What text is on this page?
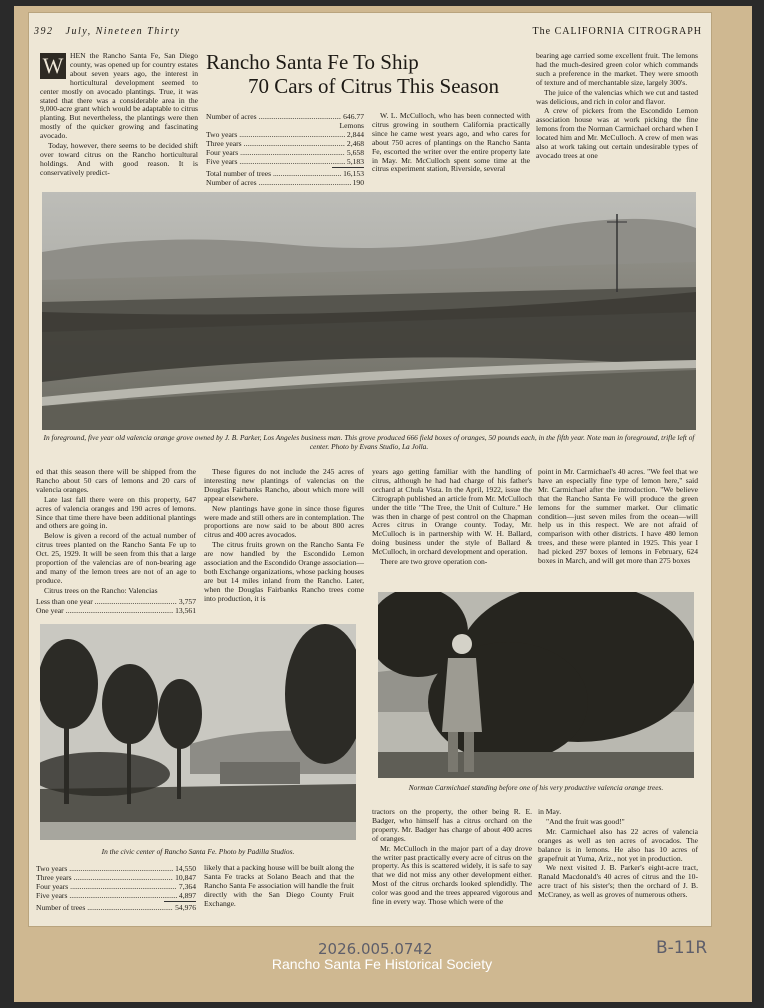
392 July, Nineteen Thirty	The CALIFORNIA CITROGRAPH

W HEN the Rancho Santa Fe, San Diego county, was opened up for country estates about seven years ago, the interest in horticultural development seemed to center mostly on avocado plantings. True, it was stated that there was a considerable area in the 9,000-acre grant which would be adaptable to citrus planting. But nevertheless, the plantings were then mostly of the quicker growing and fascinating avocado.

Today, however, there seems to be decided shift over toward citrus on the Rancho horticultural holdings. And with good reason. It is conservatively predict-

Rancho Santa Fe To Ship
70 Cars of Citrus This Season
Number of acres .....	646.77
Lemons
Two years .....	2,844
Three years .....	2,468
Four years .....	5,658
Five years .....	5,183
Total number of trees .....	16,153
Number of acres .....	190

W. L. McCulloch, who has been connected with citrus growing in southern California practically since he came west years ago, and who cares for about 750 acres of plantings on the Rancho Santa Fe, escorted the writer over the entire property late in May. Mr. McCulloch spent some time at the citrus experiment station, Riverside, several

bearing age carried some excellent fruit. The lemons had the much-desired green color which commands such a preference in the market. They were smooth of texture and of merchantable size, largely 300's.

The juice of the valencias which we cut and tasted was delicious, and rich in color and flavor.

A crew of pickers from the Escondido Lemon association house was at work picking the fine lemons from the Norman Carmichael orchard when I located him and Mr. McCulloch. A crew of men was also at work taking out certain undesirable types of avocado trees at one

In foreground, five year old valencia orange grove owned by J. B. Parker, Los Angeles business man. This grove produced 666 field boxes of oranges, 50 pounds each, in the fifth year. Note man in foreground, trifle left of center. Photo by Evans Studio, La Jolla.

ed that this season there will be shipped from the Rancho about 50 cars of lemons and 20 cars of valencia oranges.

Late last fall there were on this property, 647 acres of valencia oranges and 190 acres of lemons. Since that time there have been additional plantings and others are going in.

Below is given a record of the actual number of citrus trees planted on the Rancho Santa Fe up to Oct. 25, 1929. It will be seen from this that a large proportion of the valencias are of non-bearing age and many of the lemon trees are not of an age to produce.

Citrus trees on the Rancho: Valencias

Less than one year .....	3,757
One year .....	13,561

These figures do not include the 245 acres of interesting new plantings of valencias on the Douglas Fairbanks Rancho, about which more will appear elsewhere.

New plantings have gone in since those figures were made and still others are in contemplation. The proportions are now said to be about 800 acres citrus and 400 acres avocados.

The citrus fruits grown on the Rancho Santa Fe are now handled by the Escondido Lemon association and the Escondido Orange association—both Exchange organizations, whose packing houses are but 14 miles inland from the Rancho. Later, when the Douglas Fairbanks Rancho trees come into production, it is

years ago getting familiar with the handling of citrus, although he had had charge of his father's orchard at Chula Vista. In the April, 1922, issue the Citrograph published an article from Mr. McCulloch under the title "The Tree, the Unit of Culture." He was then in charge of pest control on the Chapman Acres citrus in Orange county. Today, Mr. McCulloch is in partnership with W. H. Ballard, doing business under the style of Ballard & McCulloch, in orchard development and operation.

There are two grove operation con-

point in Mr. Carmichael's 40 acres. "We feel that we have an especially fine type of lemon here," said Mr. Carmichael after the introduction. "We believe that the Rancho Santa Fe will produce the green lemons for the summer market. Our climatic condition—just seven miles from the ocean—will help us in this respect. We are not afraid of comparison with other districts. I have 480 lemon trees, and these were planted in 1925. This year I had picked 297 boxes of lemons in February, 624 boxes in March, and will get more than 275 boxes

In the civic center of Rancho Santa Fe. Photo by Padilla Studios.
Norman Carmichael standing before one of his very productive valencia orange trees.
Two years .....	14,550
Three years .....	10,847
Four years .....	7,364
Five years .....	4,897
Number of trees .....	54,976

likely that a packing house will be built along the Santa Fe tracks at Solano Beach and that the Rancho Santa Fe association will handle the fruit directly with the San Diego County Fruit Exchange.

tractors on the property, the other being R. E. Badger, who himself has a citrus orchard on the property. Mr. Badger has charge of about 400 acres of oranges.

Mr. McCulloch in the major part of a day drove the writer past practically every acre of citrus on the property. As this is scattered widely, it is safe to say that we did not miss any other development either. Most of the citrus orchards looked splendidly. The color was good and the trees appeared vigorous and fine in every way. Those which were of the

in May.

"And the fruit was good!"

Mr. Carmichael also has 22 acres of valencia oranges as well as ten acres of avocados. The balance is in lemons. He also has 10 acres of grapefruit at Yuma, Ariz., not yet in production.

We next visited J. B. Parker's eight-acre tract, Ranald Macdonald's 40 acres of citrus and the 10-acre tract of his sister's; then the orchard of J. B. McCraney, as well as groves of numerous others.

2026.005.0742	B-11R
Rancho Santa Fe Historical Society
